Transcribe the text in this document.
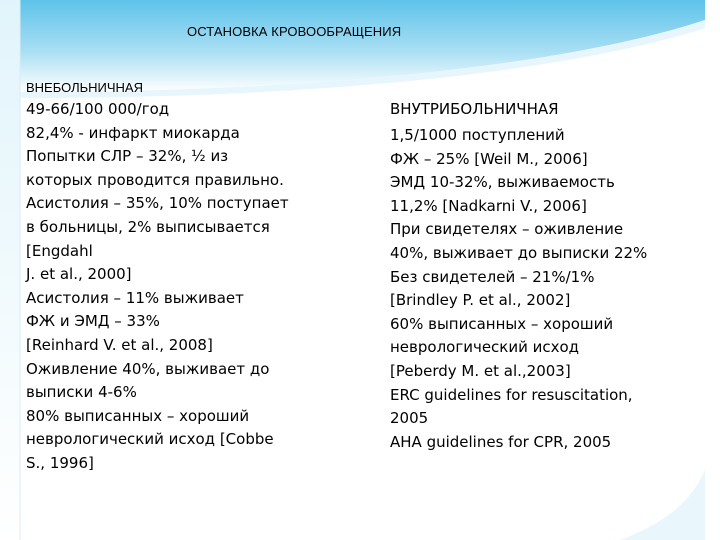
ОСТАНОВКА КРОВООБРАЩЕНИЯ
ВНЕБОЛЬНИЧНАЯ
49-66/100 000/год
82,4% - инфаркт миокарда
Попытки СЛР – 32%, ½ из
которых проводится правильно.
Асистолия – 35%, 10% поступает
в больницы, 2% выписывается
[Engdahl
J. et al., 2000]
Асистолия – 11% выживает
ФЖ и ЭМД – 33%
[Reinhard V. et al., 2008]
Оживление 40%, выживает до
выписки 4-6%
80% выписанных – хороший
неврологический исход [Cobbe
S., 1996]
ВНУТРИБОЛЬНИЧНАЯ
1,5/1000 поступлений
ФЖ – 25% [Weil M., 2006]
ЭМД 10-32%, выживаемость
11,2% [Nadkarni V., 2006]
При свидетелях – оживление
40%, выживает до выписки 22%
Без свидетелей – 21%/1%
[Brindley P. et al., 2002]
60% выписанных – хороший
неврологический исход
[Peberdy M. et al.,2003]
ERC guidelines for resuscitation,
2005
AHA guidelines for CPR, 2005
